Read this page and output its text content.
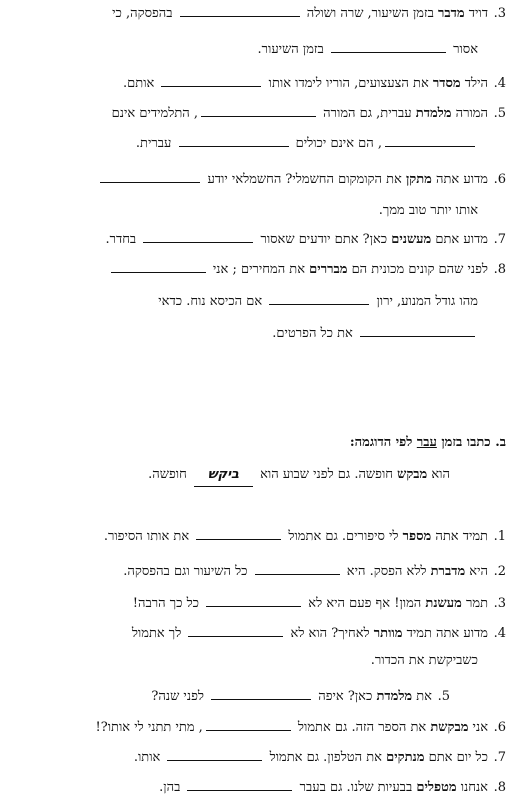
3.דויד מדבר בזמן השיעור, שרה ושולה  בהפסקה, כי
אסור  בזמן השיעור.
4.הילד מסדר את הצעצועים, הוריו לימדו אותו  אותם.
5.המורה מלמדת עברית, גם המורה , התלמידים אינם
, הם אינם יכולים  עברית.
6.מדוע אתה מתקן את הקומקום החשמלי? החשמלאי יודע
אותו יותר טוב ממך.
7.מדוע אתם מעשנים כאן? אתם יודעים שאסור  בחדר.
8.לפני שהם קונים מכונית הם מבררים את המחירים ; אני
מהו גודל המנוע, ירון  אם הכיסא נוח. כדאי
את כל הפרטים.
ב. כתבו בזמן עבר לפי הדוגמה:
הוא מבקש חופשה. גם לפני שבוע הוא ביקש חופשה.
1.תמיד אתה מספר לי סיפורים. גם אתמול  את אותו הסיפור.
2.היא מדברת ללא הפסק. היא  כל השיעור וגם בהפסקה.
3.תמר מעשנת המון! אף פעם היא לא  כל כך הרבה!
4.מדוע אתה תמיד מוותר לאחיך? הוא לא  לך אתמול
כשביקשת את הכדור.
5.את מלמדת כאן? איפה  לפני שנה?
6.אני מבקשת את הספר הזה. גם אתמול , מתי תתני לי אותו?!
7.כל יום אתם מנתקים את הטלפון. גם אתמול  אותו.
8.אנחנו מטפלים בבעיות שלנו. גם בעבר  בהן.
